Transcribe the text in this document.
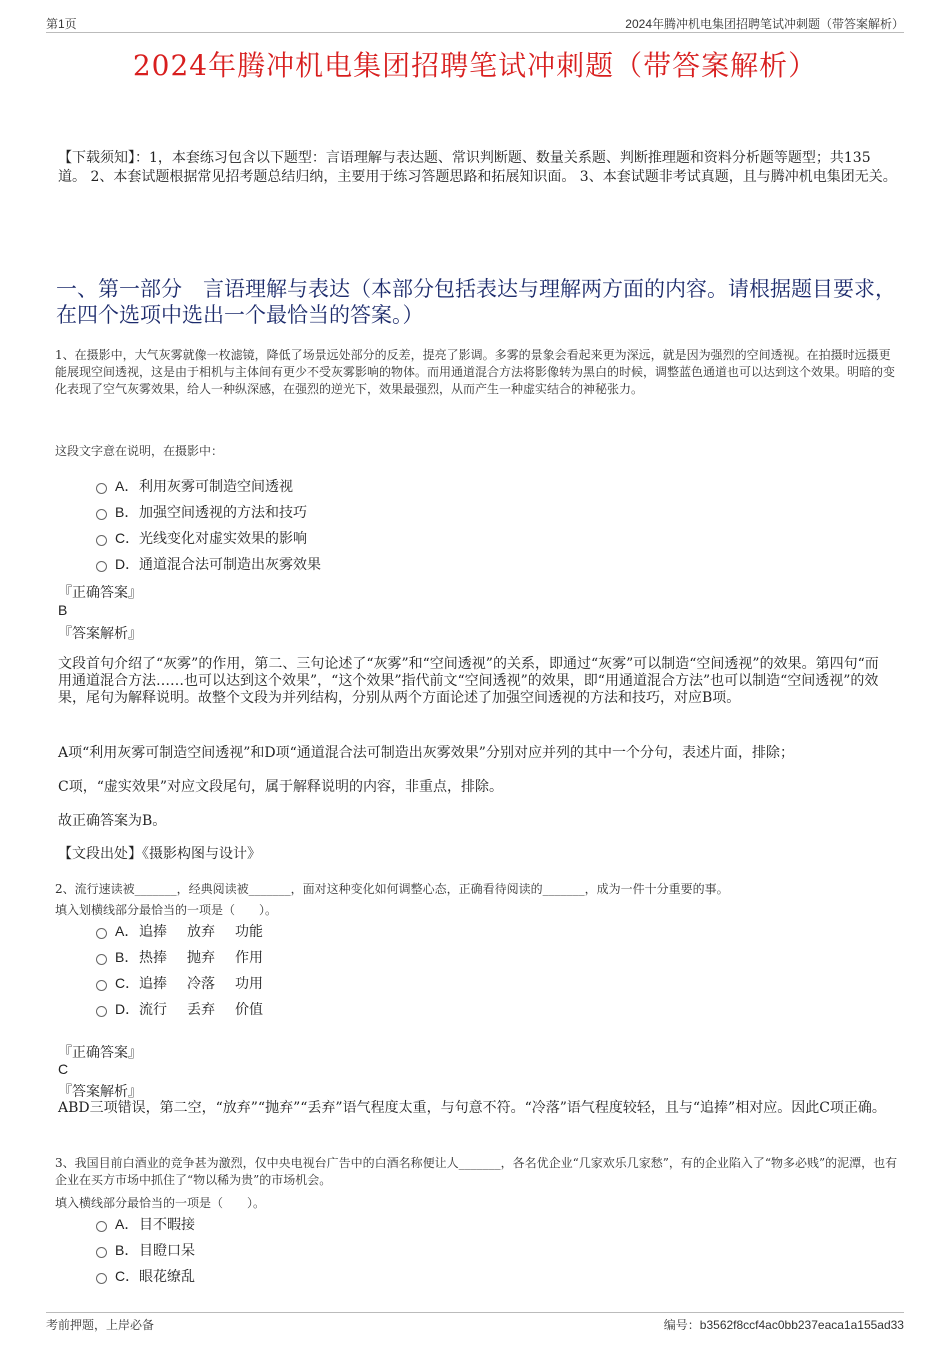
第1页	2024年腾冲机电集团招聘笔试冲刺题（带答案解析）
2024年腾冲机电集团招聘笔试冲刺题（带答案解析）
【下载须知】：1，本套练习包含以下题型：言语理解与表达题、常识判断题、数量关系题、判断推理题和资料分析题等题型；共135道。 2、本套试题根据常见招考题总结归纳，主要用于练习答题思路和拓展知识面。 3、本套试题非考试真题，且与腾冲机电集团无关。
一、第一部分　言语理解与表达（本部分包括表达与理解两方面的内容。请根据题目要求，在四个选项中选出一个最恰当的答案。）
1、在摄影中，大气灰雾就像一枚滤镜，降低了场景远处部分的反差，提亮了影调。多雾的景象会看起来更为深远，就是因为强烈的空间透视。在拍摄时远摄更能展现空间透视，这是由于相机与主体间有更少不受灰雾影响的物体。而用通道混合方法将影像转为黑白的时候，调整蓝色通道也可以达到这个效果。明暗的变化表现了空气灰雾效果，给人一种纵深感，在强烈的逆光下，效果最强烈，从而产生一种虚实结合的神秘张力。
这段文字意在说明，在摄影中：
A． 利用灰雾可制造空间透视
B． 加强空间透视的方法和技巧
C． 光线变化对虚实效果的影响
D． 通道混合法可制造出灰雾效果
『正确答案』
B
『答案解析』
文段首句介绍了“灰雾”的作用，第二、三句论述了“灰雾”和“空间透视”的关系，即通过“灰雾”可以制造“空间透视”的效果。第四句“而用通道混合方法……也可以达到这个效果”，“这个效果”指代前文“空间透视”的效果，即“用通道混合方法”也可以制造“空间透视”的效果，尾句为解释说明。故整个文段为并列结构，分别从两个方面论述了加强空间透视的方法和技巧，对应B项。
A项“利用灰雾可制造空间透视”和D项“通道混合法可制造出灰雾效果”分别对应并列的其中一个分句，表述片面，排除；
C项，“虚实效果”对应文段尾句，属于解释说明的内容，非重点，排除。
故正确答案为B。
【文段出处】《摄影构图与设计》
2、流行速读被_______，经典阅读被_______，面对这种变化如何调整心态，正确看待阅读的_______，成为一件十分重要的事。
填入划横线部分最恰当的一项是（　　）。
A． 追捧 放弃 功能
B． 热捧 抛弃 作用
C． 追捧 冷落 功用
D． 流行 丢弃 价值
『正确答案』
C
『答案解析』
ABD三项错误，第二空，“放弃”“抛弃”“丢弃”语气程度太重，与句意不符。“冷落”语气程度较轻，且与“追捧”相对应。因此C项正确。
3、我国目前白酒业的竞争甚为激烈，仅中央电视台广告中的白酒名称便让人_______，各名优企业“几家欢乐几家愁”，有的企业陷入了“物多必贱”的泥潭，也有企业在买方市场中抓住了“物以稀为贵”的市场机会。
填入横线部分最恰当的一项是（　　）。
A． 目不暇接
B． 目瞪口呆
C． 眼花缭乱
考前押题，上岸必备	编号：b3562f8ccf4ac0bb237eaca1a155ad33
